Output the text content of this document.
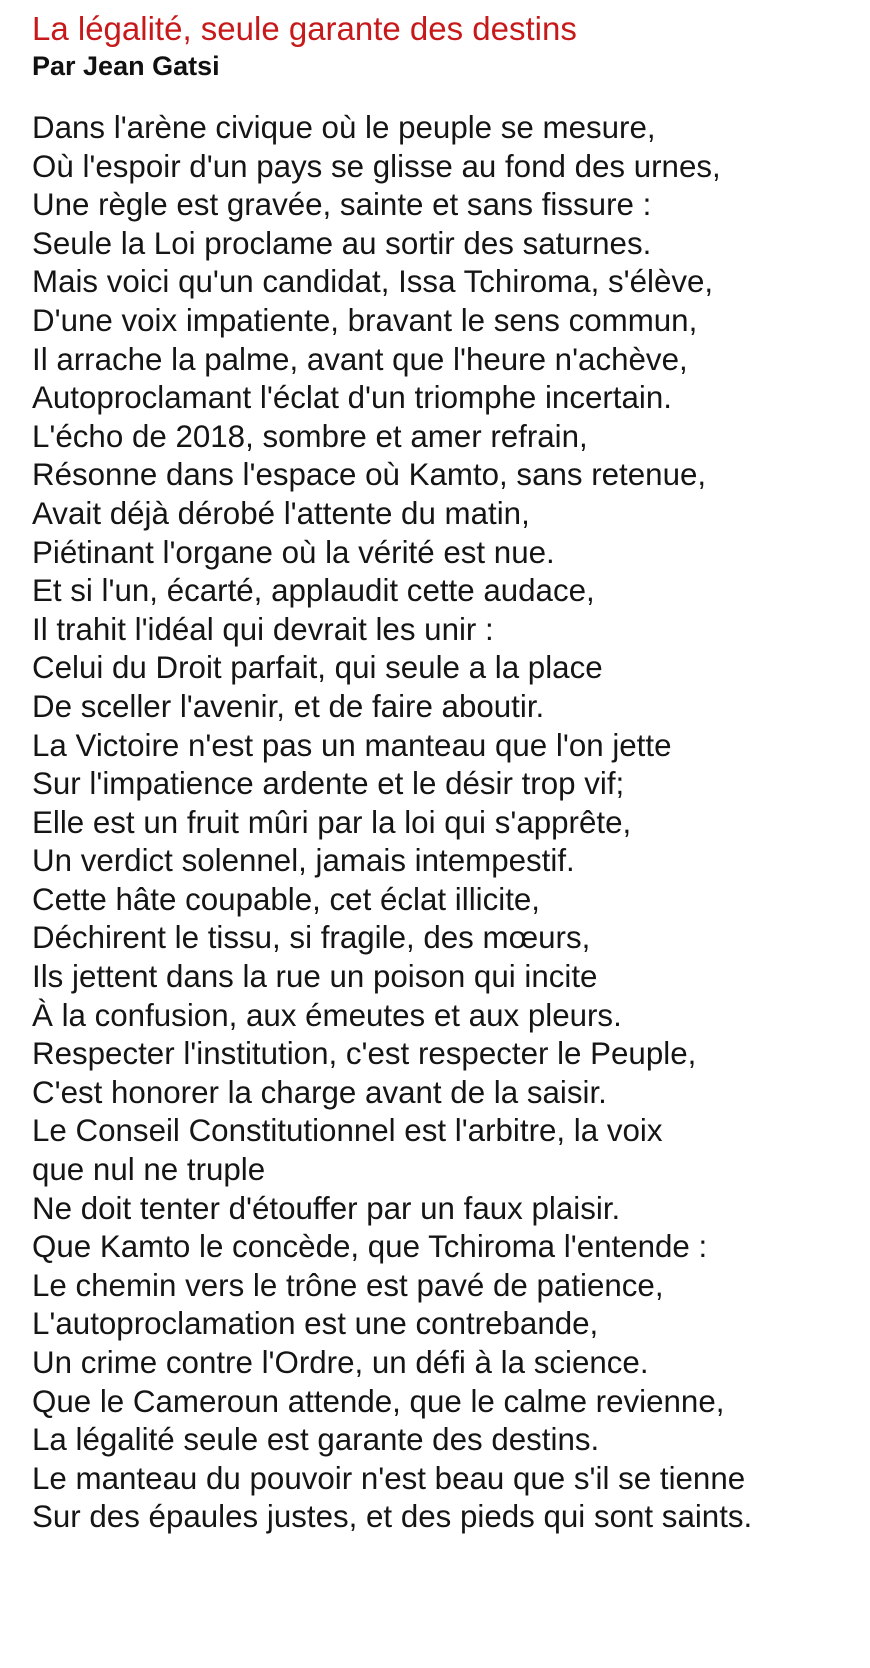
La légalité, seule garante des destins
Par Jean Gatsi
Dans l'arène civique où le peuple se mesure,
Où l'espoir d'un pays se glisse au fond des urnes,
Une règle est gravée, sainte et sans fissure :
Seule la Loi proclame au sortir des saturnes.
Mais voici qu'un candidat, Issa Tchiroma, s'élève,
D'une voix impatiente, bravant le sens commun,
Il arrache la palme, avant que l'heure n'achève,
Autoproclamant l'éclat d'un triomphe incertain.
L'écho de 2018, sombre et amer refrain,
Résonne dans l'espace où Kamto, sans retenue,
Avait déjà dérobé l'attente du matin,
Piétinant l'organe où la vérité est nue.
Et si l'un, écarté, applaudit cette audace,
Il trahit l'idéal qui devrait les unir :
Celui du Droit parfait, qui seule a la place
De sceller l'avenir, et de faire aboutir.
La Victoire n'est pas un manteau que l'on jette
Sur l'impatience ardente et le désir trop vif;
Elle est un fruit mûri par la loi qui s'apprête,
Un verdict solennel, jamais intempestif.
Cette hâte coupable, cet éclat illicite,
Déchirent le tissu, si fragile, des mœurs,
Ils jettent dans la rue un poison qui incite
À la confusion, aux émeutes et aux pleurs.
Respecter l'institution, c'est respecter le Peuple,
C'est honorer la charge avant de la saisir.
Le Conseil Constitutionnel est l'arbitre, la voix
que nul ne truple
Ne doit tenter d'étouffer par un faux plaisir.
Que Kamto le concède, que Tchiroma l'entende :
Le chemin vers le trône est pavé de patience,
L'autoproclamation est une contrebande,
Un crime contre l'Ordre, un défi à la science.
Que le Cameroun attende, que le calme revienne,
La légalité seule est garante des destins.
Le manteau du pouvoir n'est beau que s'il se tienne
Sur des épaules justes, et des pieds qui sont saints.
